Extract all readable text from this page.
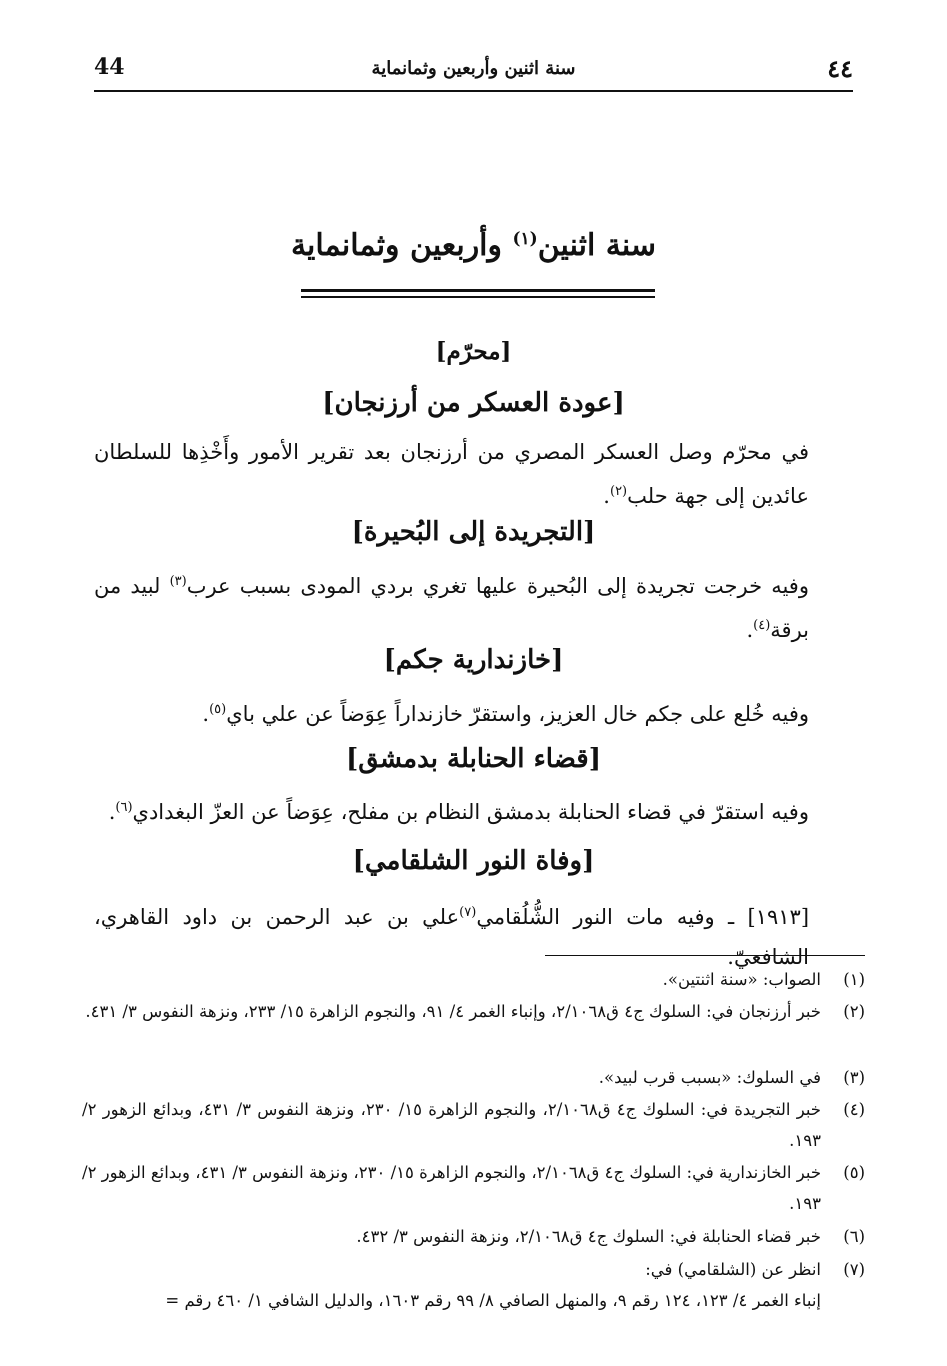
44	سنة اثنين وأربعين وثمانماية	٤٤
سنة اثنين$^{(١)}$ وأربعين وثمانماية
[محرّم]
[عودة العسكر من أرزنجان]
في محرّم وصل العسكر المصري من أرزنجان بعد تقرير الأمور وأَخْذِها للسلطان عائدين إلى جهة حلب$^{(٢)}$.
[التجريدة إلى البُحيرة]
وفيه خرجت تجريدة إلى البُحيرة عليها تغري بردي المودى بسبب عرب$^{(٣)}$ لبيد من برقة$^{(٤)}$.
[خازندارية جكم]
وفيه خُلع على جكم خال العزيز، واستقرّ خازنداراً عِوَضاً عن علي باي$^{(٥)}$.
[قضاء الحنابلة بدمشق]
وفيه استقرّ في قضاء الحنابلة بدمشق النظام بن مفلح، عِوَضاً عن العزّ البغدادي$^{(٦)}$.
[وفاة النور الشلقامي]
[١٩١٣] ـ وفيه مات النور الشُّلُقامي$^{(٧)}$علي بن عبد الرحمن بن داود القاهري، الشافعيّ.
(١)
الصواب: «سنة اثنتين».
(٢)
خبر أرزنجان في: السلوك ج٤ ق٢/١٠٦٨، وإنباء الغمر ٤/ ٩١، والنجوم الزاهرة ١٥/ ٢٣٣، ونزهة النفوس ٣/ ٤٣١.
(٣)
في السلوك: «بسبب قرب لبيد».
(٤)
خبر التجريدة في: السلوك ج٤ ق٢/١٠٦٨، والنجوم الزاهرة ١٥/ ٢٣٠، ونزهة النفوس ٣/ ٤٣١، وبدائع الزهور ٢/ ١٩٣.
(٥)
خبر الخازندارية في: السلوك ج٤ ق٢/١٠٦٨، والنجوم الزاهرة ١٥/ ٢٣٠، ونزهة النفوس ٣/ ٤٣١، وبدائع الزهور ٢/ ١٩٣.
(٦)
خبر قضاء الحنابلة في: السلوك ج٤ ق٢/١٠٦٨، ونزهة النفوس ٣/ ٤٣٢.
(٧)
انظر عن (الشلقامي) في:
إنباء الغمر ٤/ ١٢٣، ١٢٤ رقم ٩، والمنهل الصافي ٨/ ٩٩ رقم ١٦٠٣، والدليل الشافي ١/ ٤٦٠ رقم =
